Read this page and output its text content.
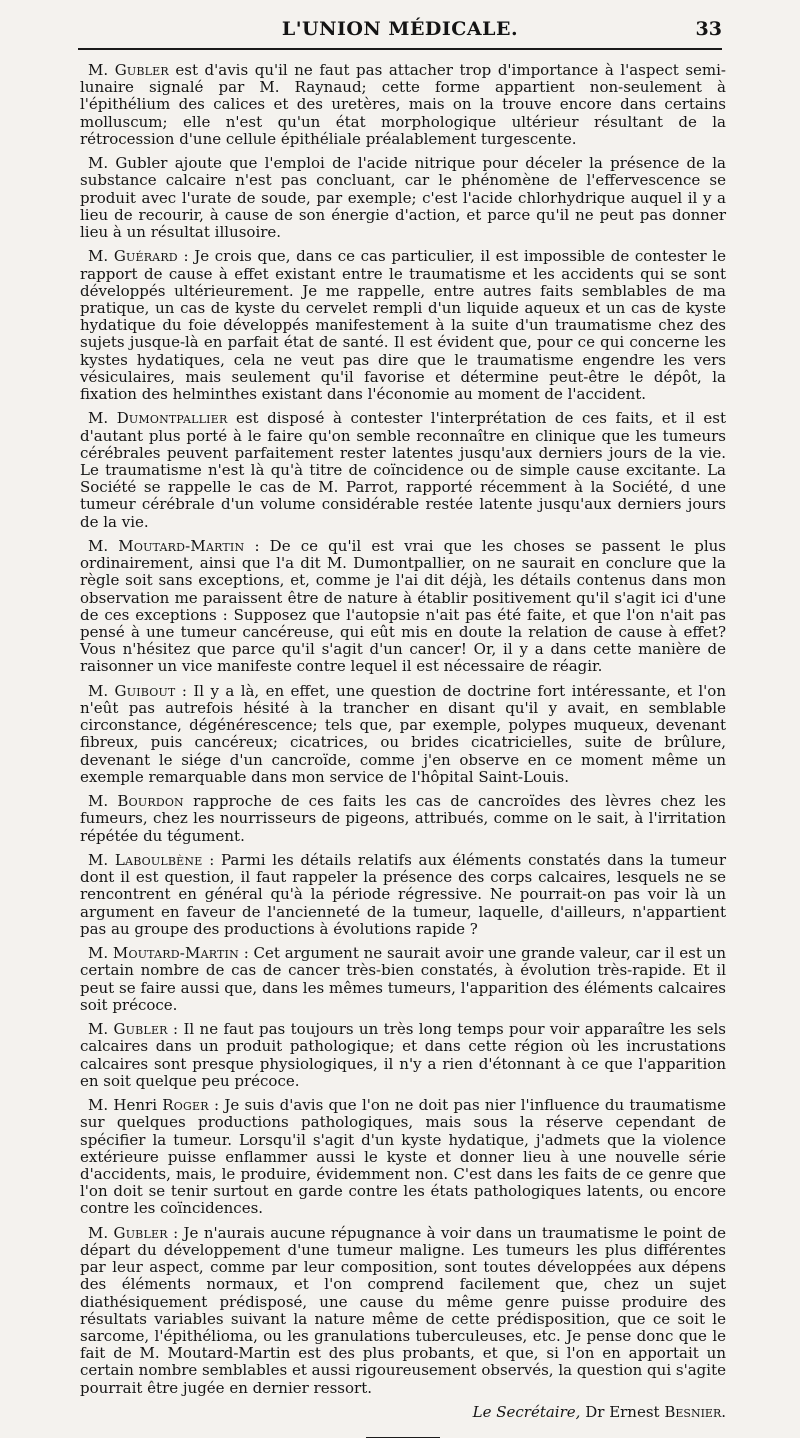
L'UNION MÉDICALE.	33

M. Gubler est d'avis qu'il ne faut pas attacher trop d'importance à l'aspect semi-lunaire signalé par M. Raynaud; cette forme appartient non-seulement à l'épithélium des calices et des uretères, mais on la trouve encore dans certains molluscum; elle n'est qu'un état morphologique ultérieur résultant de la rétrocession d'une cellule épithéliale préalablement turgescente.

M. Gubler ajoute que l'emploi de l'acide nitrique pour déceler la présence de la substance calcaire n'est pas concluant, car le phénomène de l'effervescence se produit avec l'urate de soude, par exemple; c'est l'acide chlorhydrique auquel il y a lieu de recourir, à cause de son énergie d'action, et parce qu'il ne peut pas donner lieu à un résultat illusoire.

M. Guérard : Je crois que, dans ce cas particulier, il est impossible de contester le rapport de cause à effet existant entre le traumatisme et les accidents qui se sont développés ultérieurement. Je me rappelle, entre autres faits semblables de ma pratique, un cas de kyste du cervelet rempli d'un liquide aqueux et un cas de kyste hydatique du foie développés manifestement à la suite d'un traumatisme chez des sujets jusque-là en parfait état de santé. Il est évident que, pour ce qui concerne les kystes hydatiques, cela ne veut pas dire que le traumatisme engendre les vers vésiculaires, mais seulement qu'il favorise et détermine peut-être le dépôt, la fixation des helminthes existant dans l'économie au moment de l'accident.

M. Dumontpallier est disposé à contester l'interprétation de ces faits, et il est d'autant plus porté à le faire qu'on semble reconnaître en clinique que les tumeurs cérébrales peuvent parfaitement rester latentes jusqu'aux derniers jours de la vie. Le traumatisme n'est là qu'à titre de coïncidence ou de simple cause excitante. La Société se rappelle le cas de M. Parrot, rapporté récemment à la Société, d une tumeur cérébrale d'un volume considérable restée latente jusqu'aux derniers jours de la vie.

M. Moutard-Martin : De ce qu'il est vrai que les choses se passent le plus ordinairement, ainsi que l'a dit M. Dumontpallier, on ne saurait en conclure que la règle soit sans exceptions, et, comme je l'ai dit déjà, les détails contenus dans mon observation me paraissent être de nature à établir positivement qu'il s'agit ici d'une de ces exceptions : Supposez que l'autopsie n'ait pas été faite, et que l'on n'ait pas pensé à une tumeur cancéreuse, qui eût mis en doute la relation de cause à effet? Vous n'hésitez que parce qu'il s'agit d'un cancer! Or, il y a dans cette manière de raisonner un vice manifeste contre lequel il est nécessaire de réagir.

M. Guibout : Il y a là, en effet, une question de doctrine fort intéressante, et l'on n'eût pas autrefois hésité à la trancher en disant qu'il y avait, en semblable circonstance, dégénérescence; tels que, par exemple, polypes muqueux, devenant fibreux, puis cancéreux; cicatrices, ou brides cicatricielles, suite de brûlure, devenant le siége d'un cancroïde, comme j'en observe en ce moment même un exemple remarquable dans mon service de l'hôpital Saint-Louis.

M. Bourdon rapproche de ces faits les cas de cancroïdes des lèvres chez les fumeurs, chez les nourrisseurs de pigeons, attribués, comme on le sait, à l'irritation répétée du tégument.

M. Laboulbène : Parmi les détails relatifs aux éléments constatés dans la tumeur dont il est question, il faut rappeler la présence des corps calcaires, lesquels ne se rencontrent en général qu'à la période régressive. Ne pourrait-on pas voir là un argument en faveur de l'ancienneté de la tumeur, laquelle, d'ailleurs, n'appartient pas au groupe des productions à évolutions rapide ?

M. Moutard-Martin : Cet argument ne saurait avoir une grande valeur, car il est un certain nombre de cas de cancer très-bien constatés, à évolution très-rapide. Et il peut se faire aussi que, dans les mêmes tumeurs, l'apparition des éléments calcaires soit précoce.

M. Gubler : Il ne faut pas toujours un très long temps pour voir apparaître les sels calcaires dans un produit pathologique; et dans cette région où les incrustations calcaires sont presque physiologiques, il n'y a rien d'étonnant à ce que l'apparition en soit quelque peu précoce.

M. Henri Roger : Je suis d'avis que l'on ne doit pas nier l'influence du traumatisme sur quelques productions pathologiques, mais sous la réserve cependant de spécifier la tumeur. Lorsqu'il s'agit d'un kyste hydatique, j'admets que la violence extérieure puisse enflammer aussi le kyste et donner lieu à une nouvelle série d'accidents, mais, le produire, évidemment non. C'est dans les faits de ce genre que l'on doit se tenir surtout en garde contre les états pathologiques latents, ou encore contre les coïncidences.

M. Gubler : Je n'aurais aucune répugnance à voir dans un traumatisme le point de départ du développement d'une tumeur maligne. Les tumeurs les plus différentes par leur aspect, comme par leur composition, sont toutes développées aux dépens des éléments normaux, et l'on comprend facilement que, chez un sujet diathésiquement prédisposé, une cause du même genre puisse produire des résultats variables suivant la nature même de cette prédisposition, que ce soit le sarcome, l'épithélioma, ou les granulations tuberculeuses, etc. Je pense donc que le fait de M. Moutard-Martin est des plus probants, et que, si l'on en apportait un certain nombre semblables et aussi rigoureusement observés, la question qui s'agite pourrait être jugée en dernier ressort.

Le Secrétaire, Dr Ernest Besnier.
